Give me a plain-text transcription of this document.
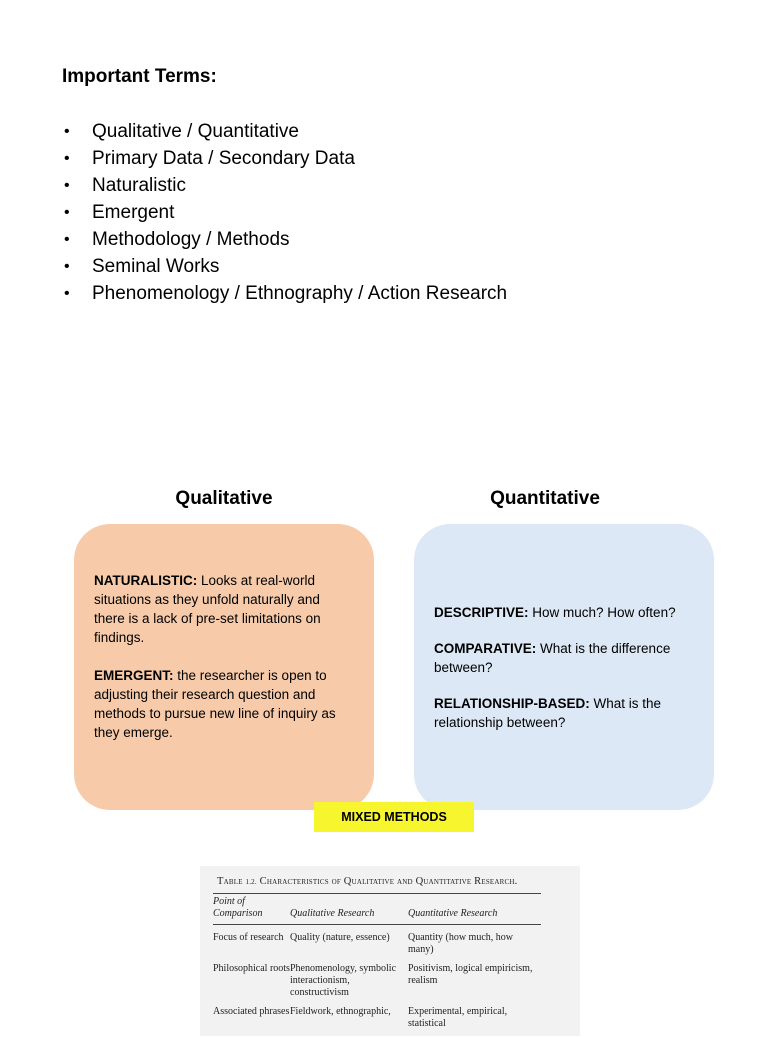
Important Terms:
•	Qualitative / Quantitative
•	Primary Data / Secondary Data
•	Naturalistic
•	Emergent
•	Methodology / Methods
•	Seminal Works
•	Phenomenology / Ethnography / Action Research
Qualitative	Quantitative

NATURALISTIC: Looks at real-world situations as they unfold naturally and there is a lack of pre-set limitations on findings.

EMERGENT: the researcher is open to adjusting their research question and methods to pursue new line of inquiry as they emerge.

DESCRIPTIVE: How much? How often?

COMPARATIVE: What is the difference between?

RELATIONSHIP-BASED: What is the relationship between?

MIXED METHODS
Table 1.2. Characteristics of Qualitative and Quantitative Research.
Point of Comparison	Qualitative Research	Quantitative Research
Focus of research	Quality (nature, essence)	Quantity (how much, how many)
Philosophical roots	Phenomenology, symbolic interactionism, constructivism	Positivism, logical empiricism, realism
Associated phrases	Fieldwork, ethnographic,	Experimental, empirical, statistical
